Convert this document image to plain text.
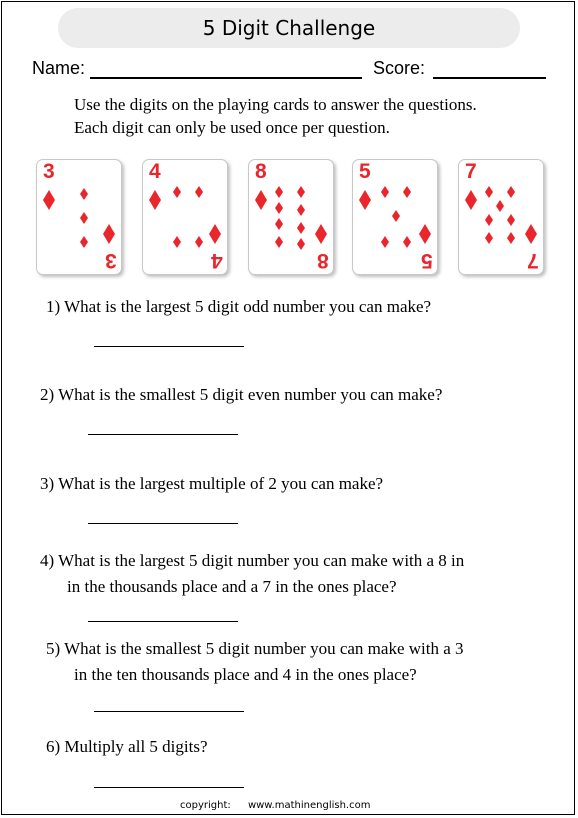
5 Digit Challenge
Name:	Score:
Use the digits on the playing cards to answer the questions.
Each digit can only be used once per question.
3
3
4
4
8
8
5
5
7
7
1) What is the largest 5 digit odd number you can make?
2) What is the smallest 5 digit even number you can make?
3) What is the largest multiple of 2 you can make?
4) What is the largest 5 digit number you can make with a 8 in
in the thousands place and a 7 in the ones place?
5) What is the smallest 5 digit number you can make with a 3
in the ten thousands place and 4 in the ones place?
6) Multiply all 5 digits?
copyright: www.mathinenglish.com
